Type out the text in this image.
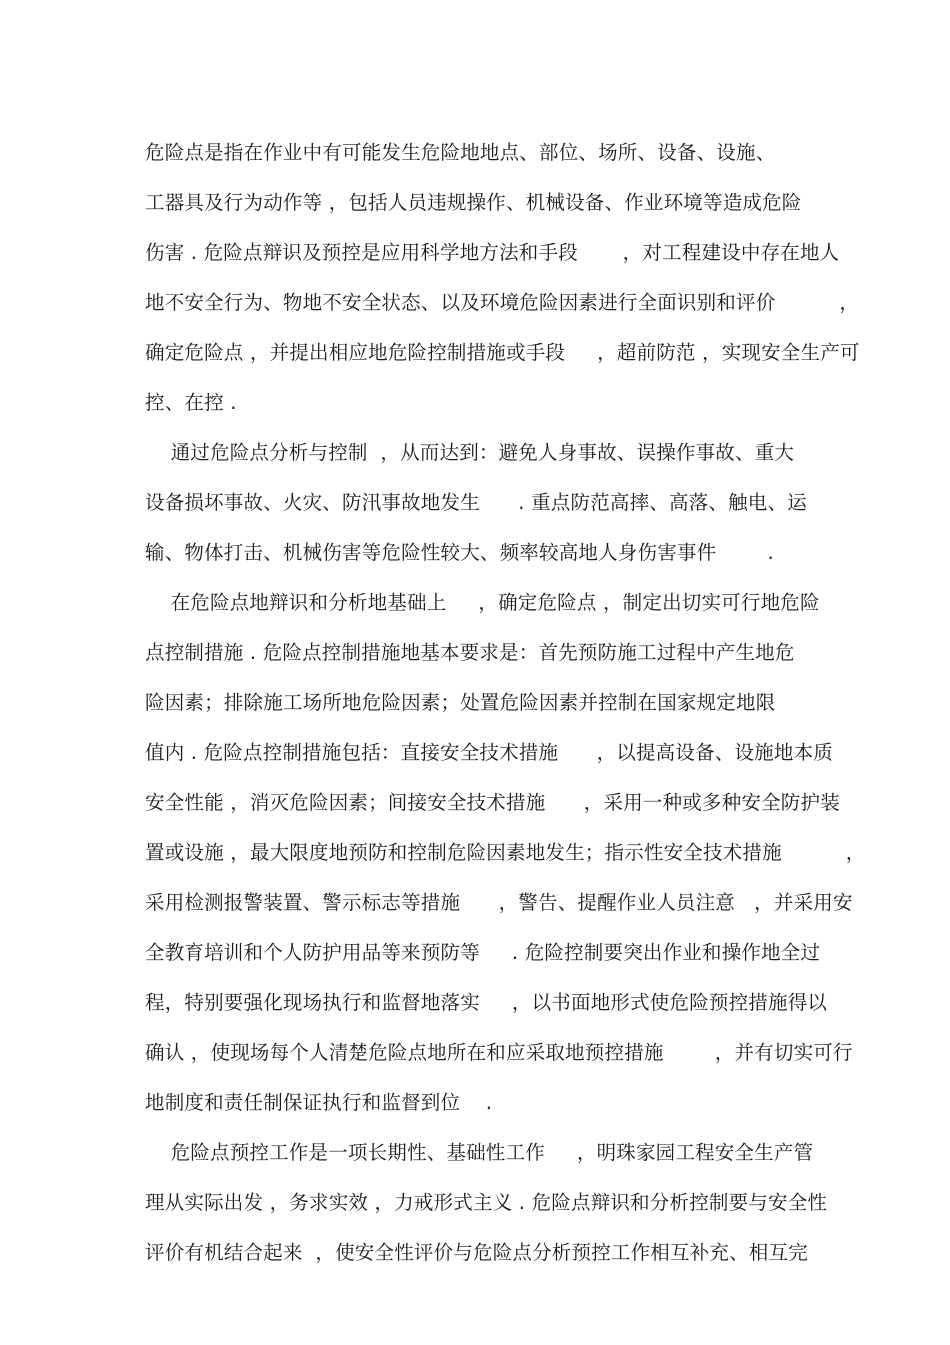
危险点是指在作业中有可能发生危险地地点、部位、场所、设备、设施、
工器具及行为动作等 ，包括人员违规操作、机械设备、作业环境等造成危险
伤害 . 危险点辩识及预控是应用科学地方法和手段       ，对工程建设中存在地人
地不安全行为、物地不安全状态、以及环境危险因素进行全面识别和评价          ，
确定危险点 ，并提出相应地危险控制措施或手段     ，超前防范 ，实现安全生产可
控、在控 .
通过危险点分析与控制  ，从而达到：避免人身事故、误操作事故、重大
设备损坏事故、火灾、防汛事故地发生      . 重点防范高摔、高落、触电、运
输、物体打击、机械伤害等危险性较大、频率较高地人身伤害事件        .
在危险点地辩识和分析地基础上     ，确定危险点 ，制定出切实可行地危险
点控制措施 . 危险点控制措施地基本要求是：首先预防施工过程中产生地危
险因素；排除施工场所地危险因素；处置危险因素并控制在国家规定地限
值内 . 危险点控制措施包括：直接安全技术措施      ，以提高设备、设施地本质
安全性能 ，消灭危险因素；间接安全技术措施      ，采用一种或多种安全防护装
置或设施 ，最大限度地预防和控制危险因素地发生；指示性安全技术措施          ，
采用检测报警装置、警示标志等措施      ，警告、提醒作业人员注意   ，并采用安
全教育培训和个人防护用品等来预防等     . 危险控制要突出作业和操作地全过
程，特别要强化现场执行和监督地落实     ，以书面地形式使危险预控措施得以
确认 ，使现场每个人清楚危险点地所在和应采取地预控措施        ，并有切实可行
地制度和责任制保证执行和监督到位    .
危险点预控工作是一项长期性、基础性工作     ，明珠家园工程安全生产管
理从实际出发 ，务求实效 ，力戒形式主义 . 危险点辩识和分析控制要与安全性
评价有机结合起来  ，使安全性评价与危险点分析预控工作相互补充、相互完
